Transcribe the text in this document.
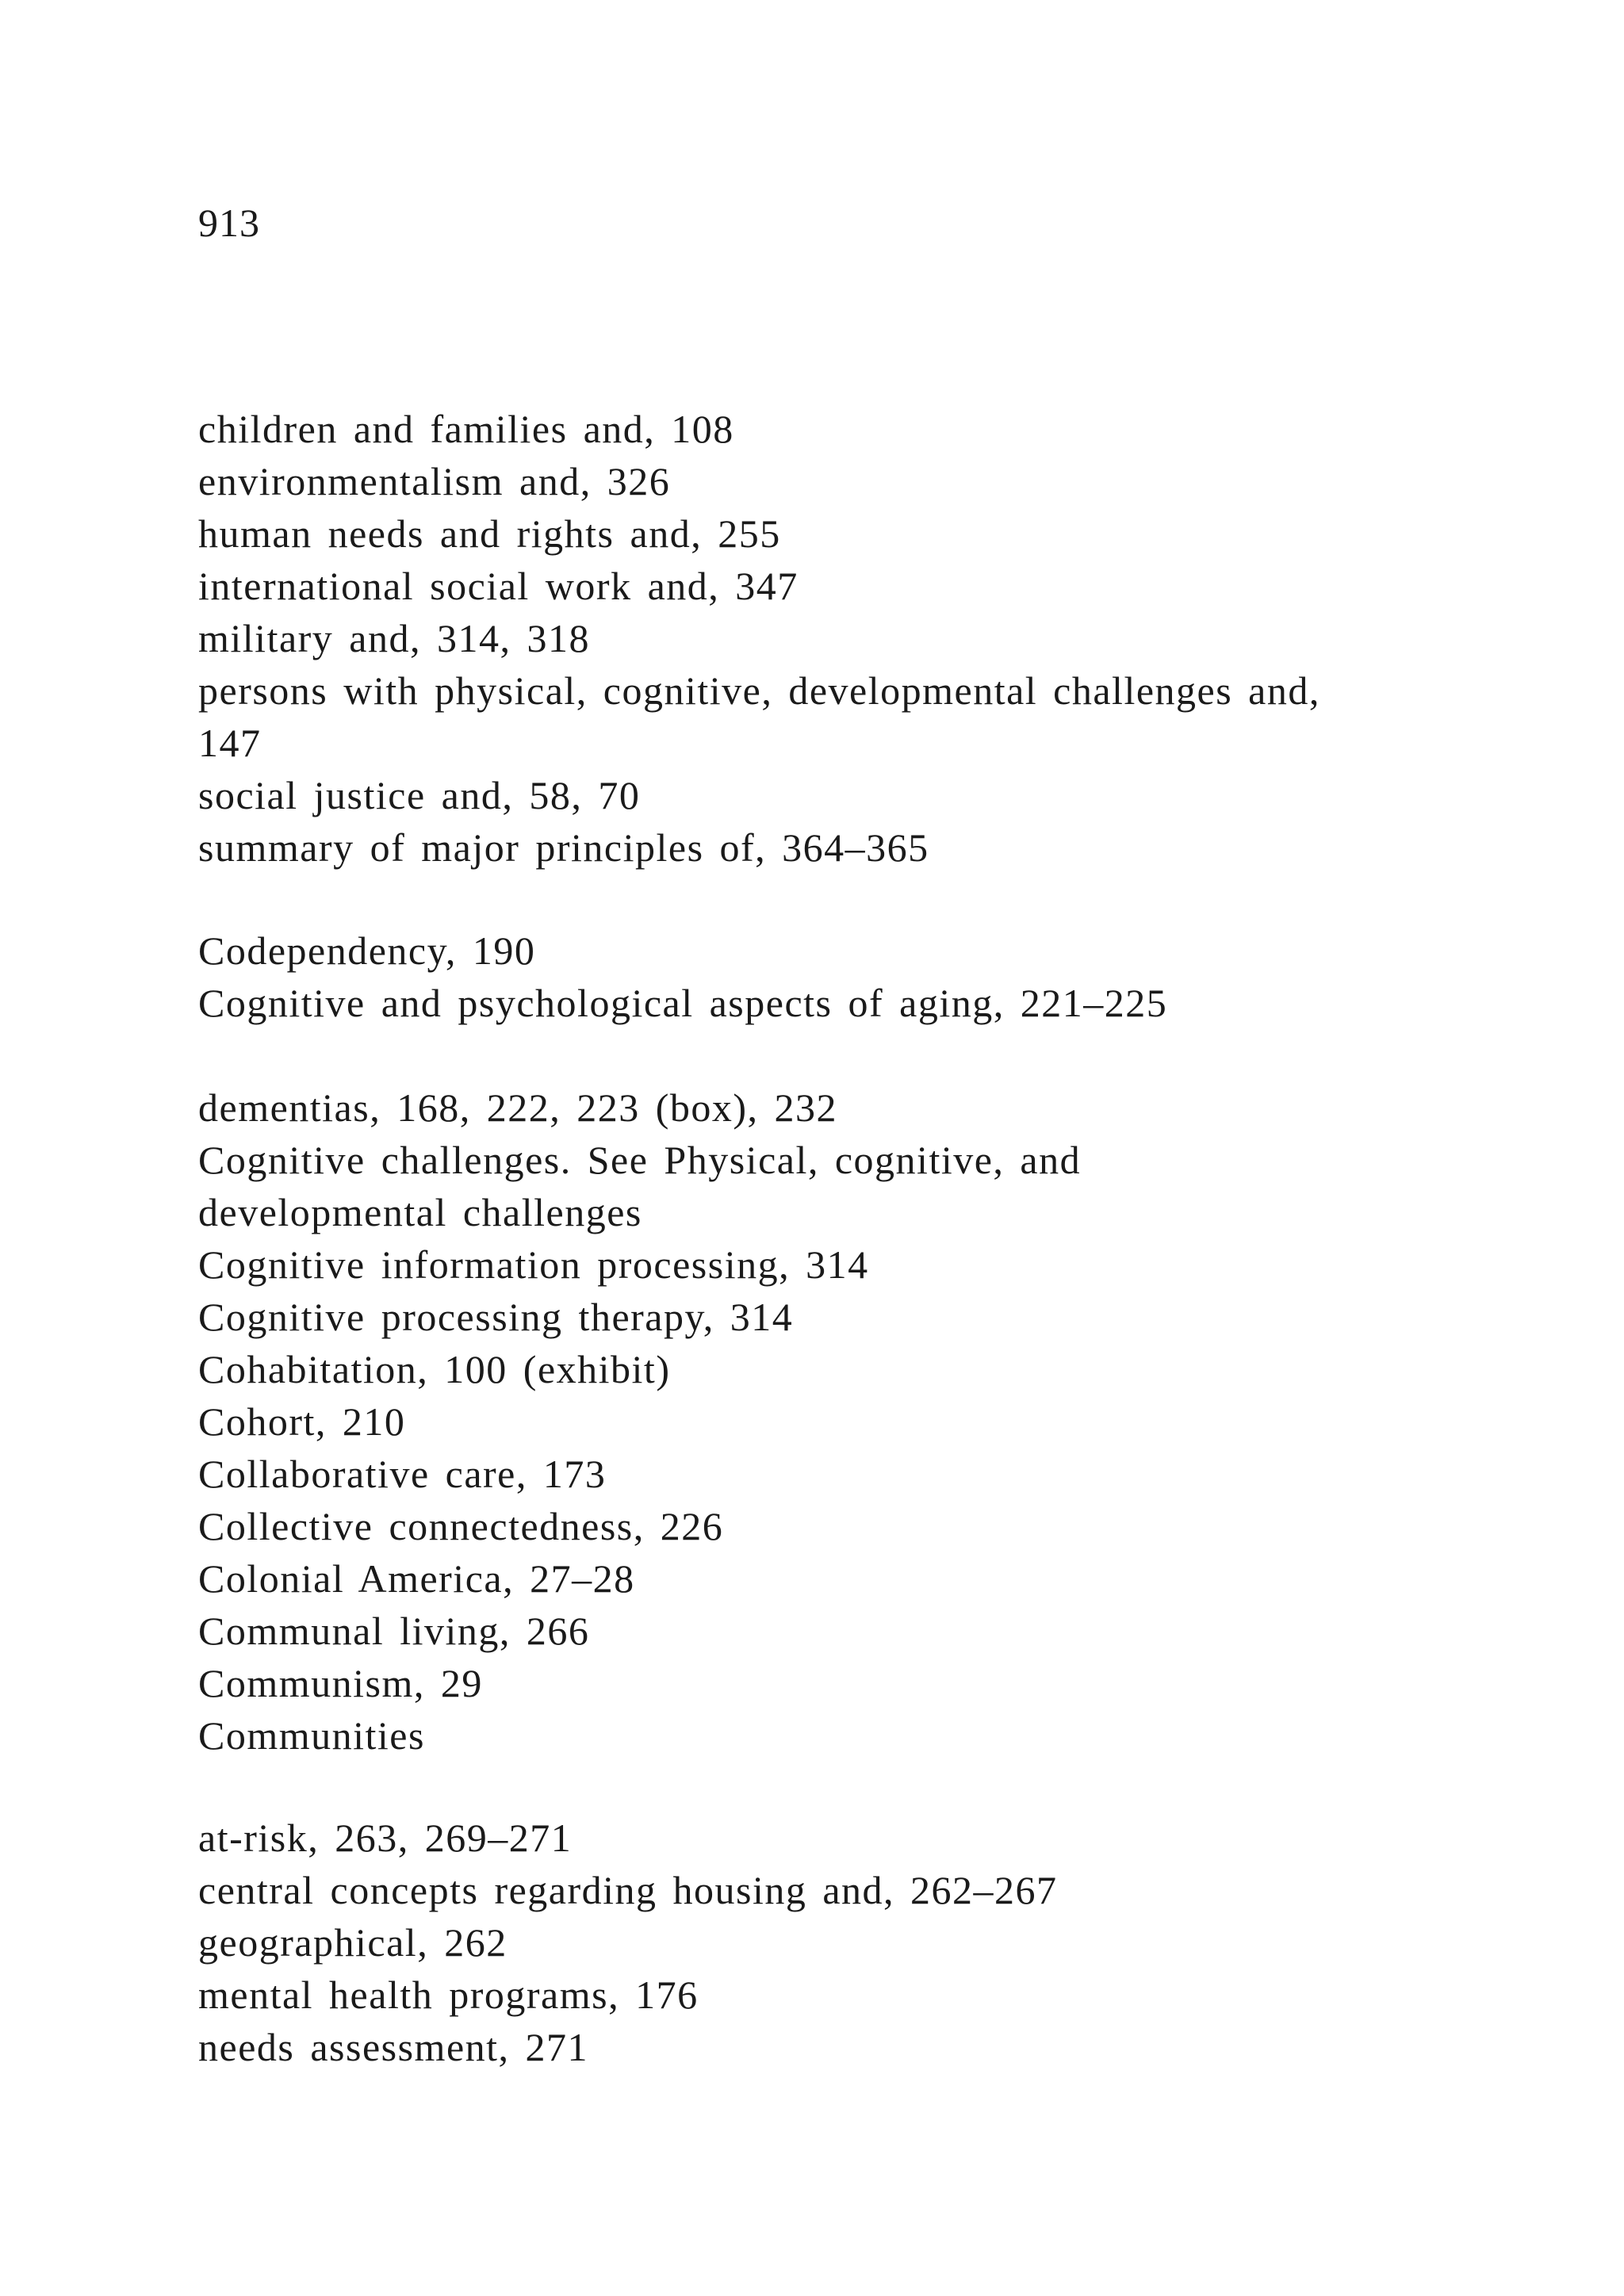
913

children and families and, 108
environmentalism and, 326
human needs and rights and, 255
international social work and, 347
military and, 314, 318
persons with physical, cognitive, developmental challenges and,
147
social justice and, 58, 70
summary of major principles of, 364–365
Codependency, 190
Cognitive and psychological aspects of aging, 221–225
dementias, 168, 222, 223 (box), 232
Cognitive challenges. See Physical, cognitive, and
developmental challenges
Cognitive information processing, 314
Cognitive processing therapy, 314
Cohabitation, 100 (exhibit)
Cohort, 210
Collaborative care, 173
Collective connectedness, 226
Colonial America, 27–28
Communal living, 266
Communism, 29
Communities
at-risk, 263, 269–271
central concepts regarding housing and, 262–267
geographical, 262
mental health programs, 176
needs assessment, 271
